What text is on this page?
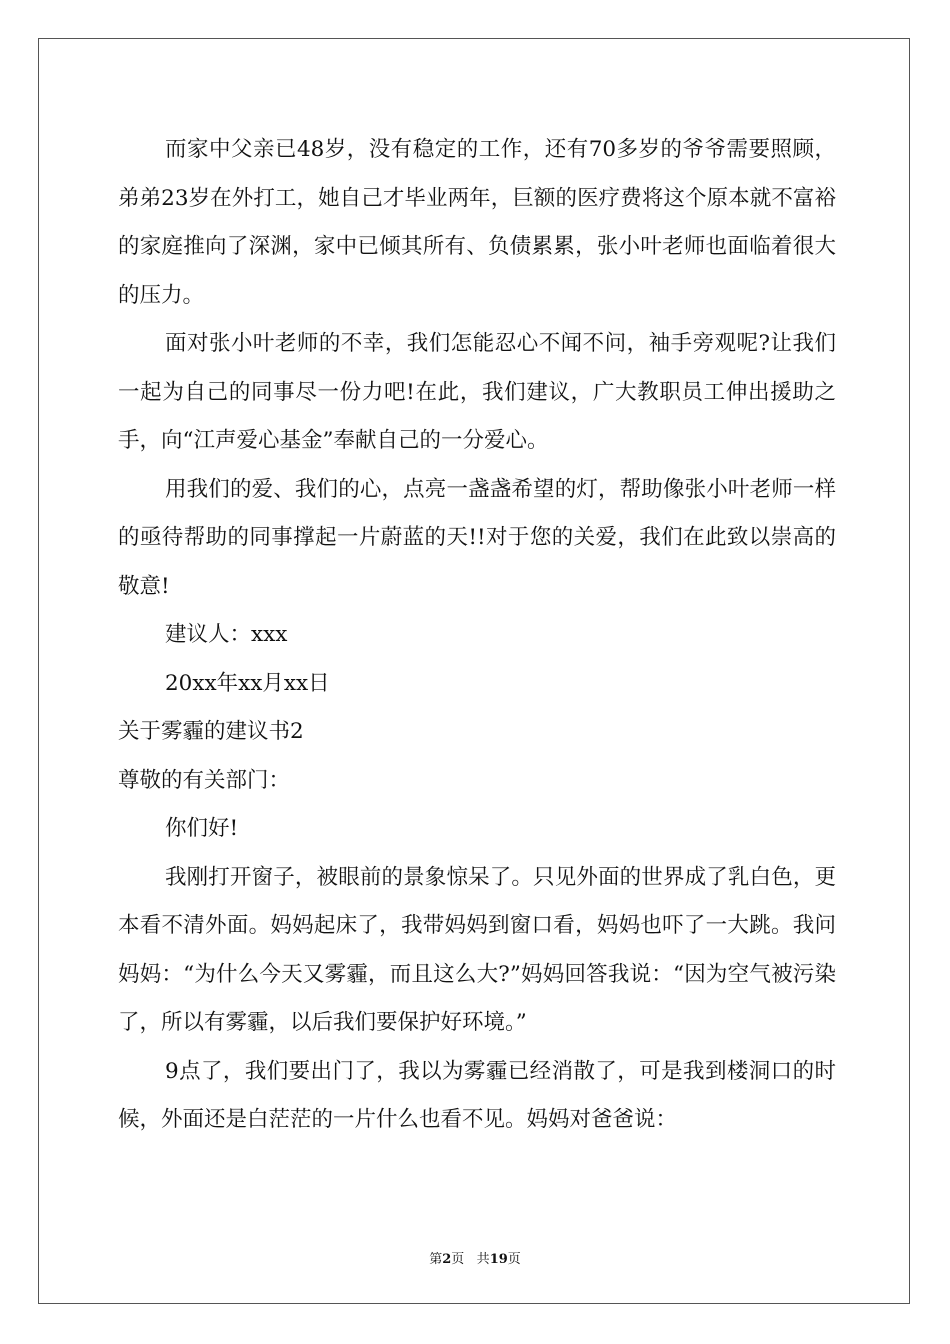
而家中父亲已48岁，没有稳定的工作，还有70多岁的爷爷需要照顾，弟弟23岁在外打工，她自己才毕业两年，巨额的医疗费将这个原本就不富裕的家庭推向了深渊，家中已倾其所有、负债累累，张小叶老师也面临着很大的压力。

面对张小叶老师的不幸，我们怎能忍心不闻不问，袖手旁观呢?让我们一起为自己的同事尽一份力吧!在此，我们建议，广大教职员工伸出援助之手，向“江声爱心基金”奉献自己的一分爱心。

用我们的爱、我们的心，点亮一盏盏希望的灯，帮助像张小叶老师一样的亟待帮助的同事撑起一片蔚蓝的天!!对于您的关爱，我们在此致以崇高的敬意!

建议人：xxx

20xx年xx月xx日

关于雾霾的建议书2

尊敬的有关部门：

你们好!

我刚打开窗子，被眼前的景象惊呆了。只见外面的世界成了乳白色，更本看不清外面。妈妈起床了，我带妈妈到窗口看，妈妈也吓了一大跳。我问妈妈：“为什么今天又雾霾，而且这么大?”妈妈回答我说：“因为空气被污染了，所以有雾霾，以后我们要保护好环境。”

9点了，我们要出门了，我以为雾霾已经消散了，可是我到楼洞口的时候，外面还是白茫茫的一片什么也看不见。妈妈对爸爸说：

第2页 共19页
